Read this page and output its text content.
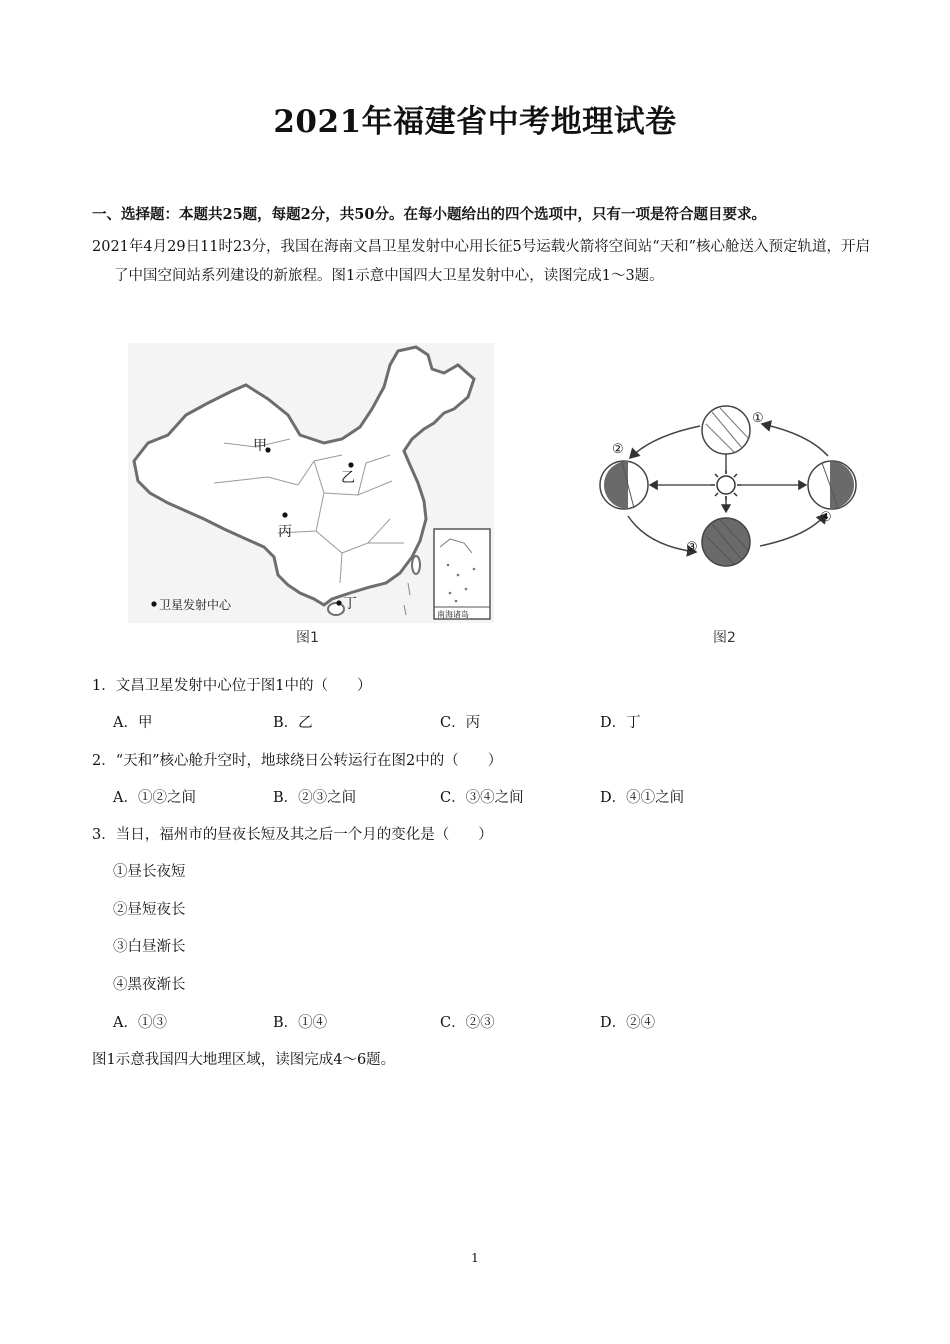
2021年福建省中考地理试卷
一、选择题：本题共25题，每题2分，共50分。在每小题给出的四个选项中，只有一项是符合题目要求。
2021年4月29日11时23分，我国在海南文昌卫星发射中心用长征5号运载火箭将空间站“天和”核心舱送入预定轨道，开启了中国空间站系列建设的新旅程。图1示意中国四大卫星发射中心，读图完成1～3题。
甲
乙
丙
丁
卫星发射中心
南海诸岛
图1
①
②
③
④
图2
1．文昌卫星发射中心位于图1中的（　　）
A．甲	B．乙	C．丙	D．丁
2．“天和”核心舱升空时，地球绕日公转运行在图2中的（　　）
A．①②之间	B．②③之间	C．③④之间	D．④①之间
3．当日，福州市的昼夜长短及其之后一个月的变化是（　　）
①昼长夜短
②昼短夜长
③白昼渐长
④黑夜渐长
A．①③	B．①④	C．②③	D．②④
图1示意我国四大地理区域，读图完成4～6题。
1
